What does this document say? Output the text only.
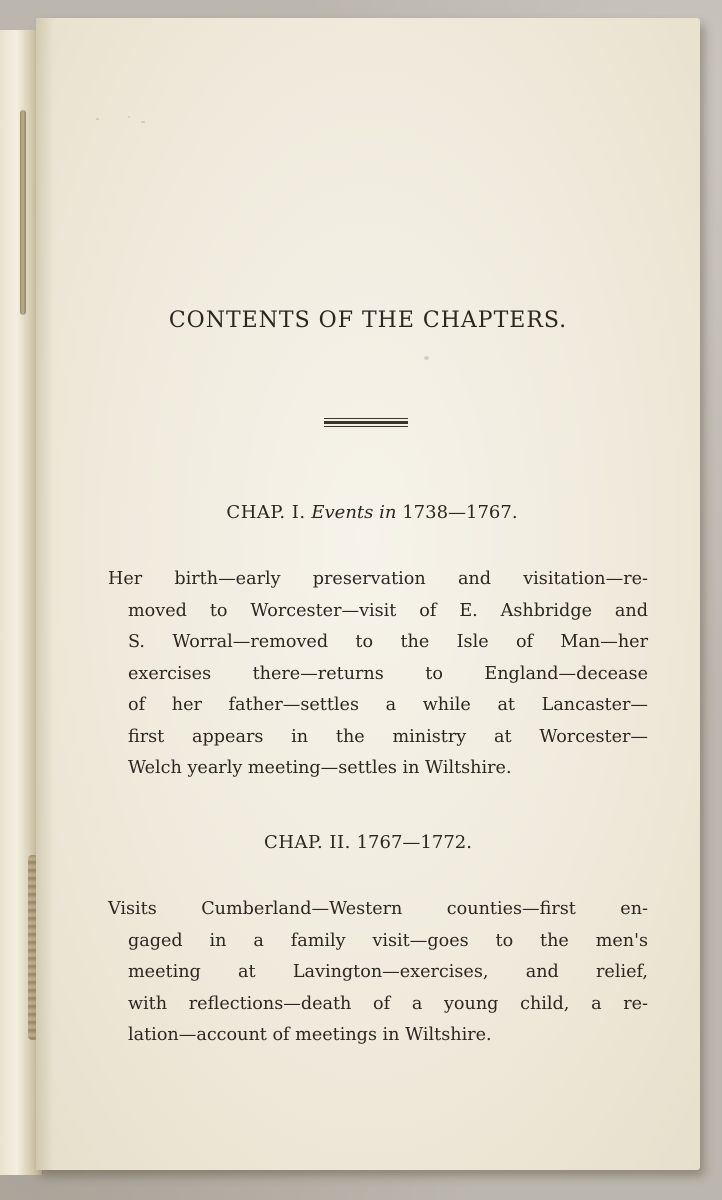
CONTENTS OF THE CHAPTERS.
CHAP. I. Events in 1738—1767.

Her birth—early preservation and visitation—re-
moved to Worcester—visit of E. Ashbridge and
S. Worral—removed to the Isle of Man—her
exercises there—returns to England—decease
of her father—settles a while at Lancaster—
first appears in the ministry at Worcester—
Welch yearly meeting—settles in Wiltshire.

CHAP. II. 1767—1772.

Visits Cumberland—Western counties—first en-
gaged in a family visit—goes to the men's
meeting at Lavington—exercises, and relief,
with reflections—death of a young child, a re-
lation—account of meetings in Wiltshire.
